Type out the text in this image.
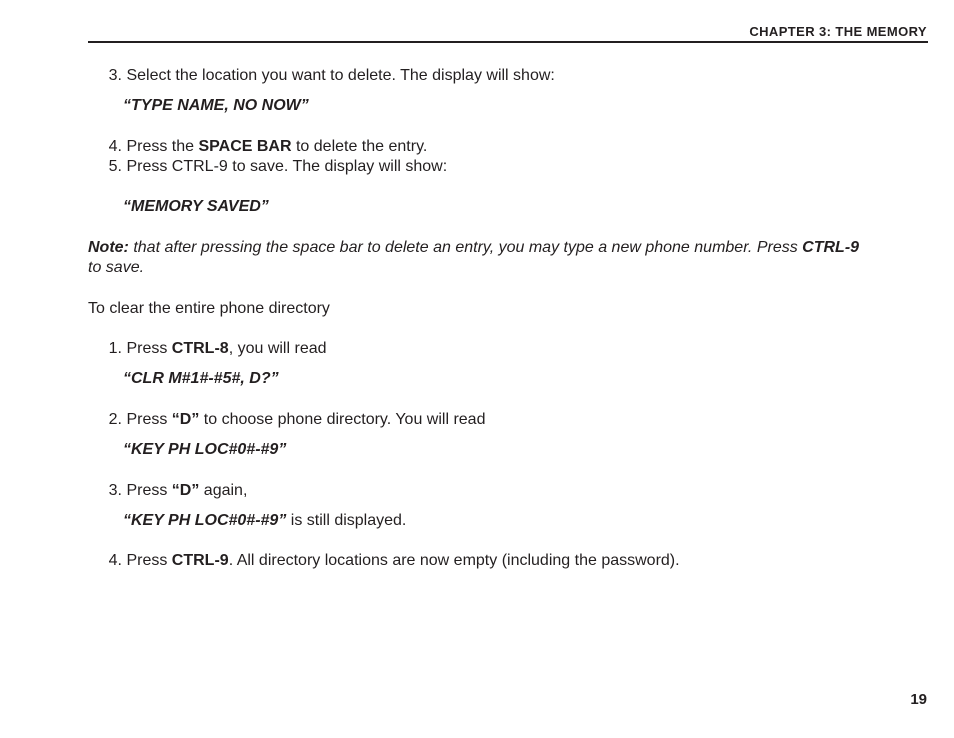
CHAPTER 3: THE MEMORY
3. Select the location you want to delete. The display will show:
“TYPE NAME, NO NOW”
4. Press the SPACE BAR to delete the entry.
5. Press CTRL-9 to save. The display will show:
“MEMORY SAVED”
Note: that after pressing the space bar to delete an entry, you may type a new phone number. Press CTRL-9
to save.
To clear the entire phone directory
1. Press CTRL-8, you will read
“CLR M#1#-#5#, D?”
2. Press “D” to choose phone directory. You will read
“KEY PH LOC#0#-#9”
3. Press “D” again,
“KEY PH LOC#0#-#9” is still displayed.
4. Press CTRL-9. All directory locations are now empty (including the password).
19
